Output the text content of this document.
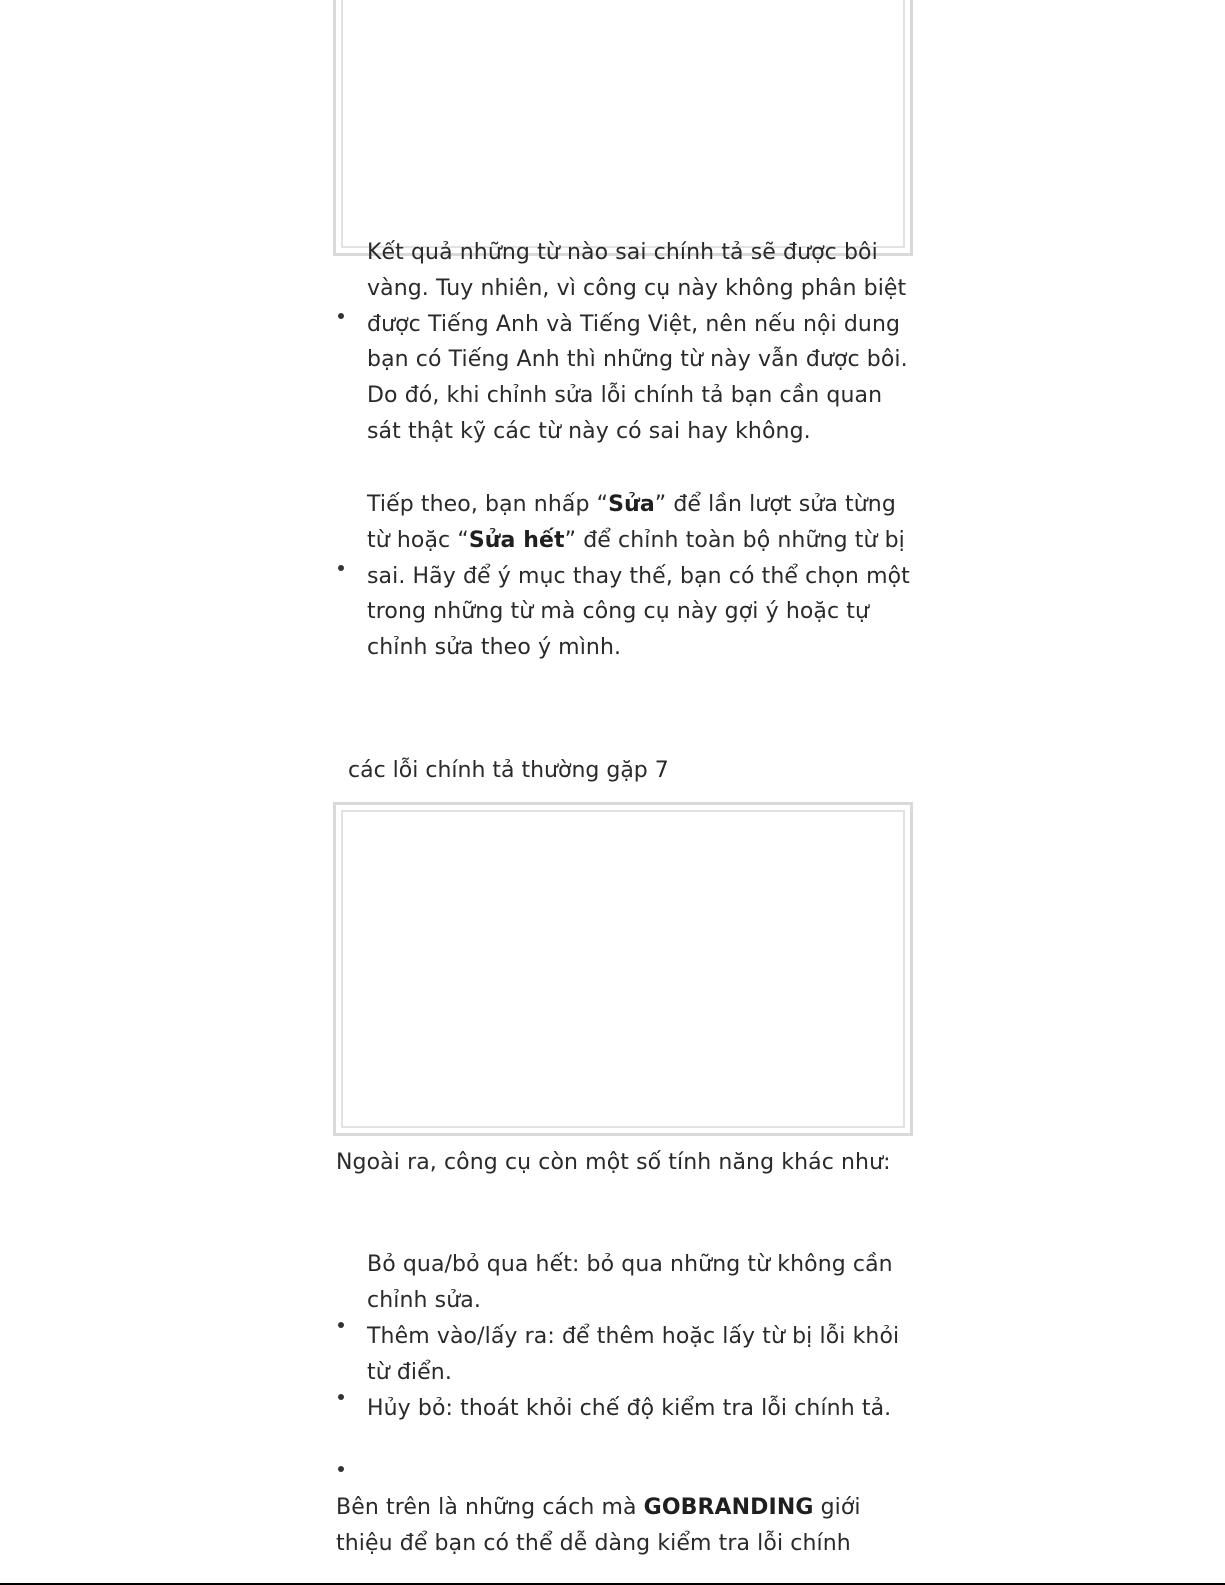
Kết quả những từ nào sai chính tả sẽ được bôi vàng. Tuy nhiên, vì công cụ này không phân biệt được Tiếng Anh và Tiếng Việt, nên nếu nội dung bạn có Tiếng Anh thì những từ này vẫn được bôi. Do đó, khi chỉnh sửa lỗi chính tả bạn cần quan sát thật kỹ các từ này có sai hay không.

Tiếp theo, bạn nhấp “Sửa” để lần lượt sửa từng từ hoặc “Sửa hết” để chỉnh toàn bộ những từ bị sai. Hãy để ý mục thay thế, bạn có thể chọn một trong những từ mà công cụ này gợi ý hoặc tự chỉnh sửa theo ý mình.

các lỗi chính tả thường gặp 7

Ngoài ra, công cụ còn một số tính năng khác như:

Bỏ qua/bỏ qua hết: bỏ qua những từ không cần chỉnh sửa.

Thêm vào/lấy ra: để thêm hoặc lấy từ bị lỗi khỏi từ điển.

Hủy bỏ: thoát khỏi chế độ kiểm tra lỗi chính tả.

Bên trên là những cách mà GOBRANDING giới thiệu để bạn có thể dễ dàng kiểm tra lỗi chính
